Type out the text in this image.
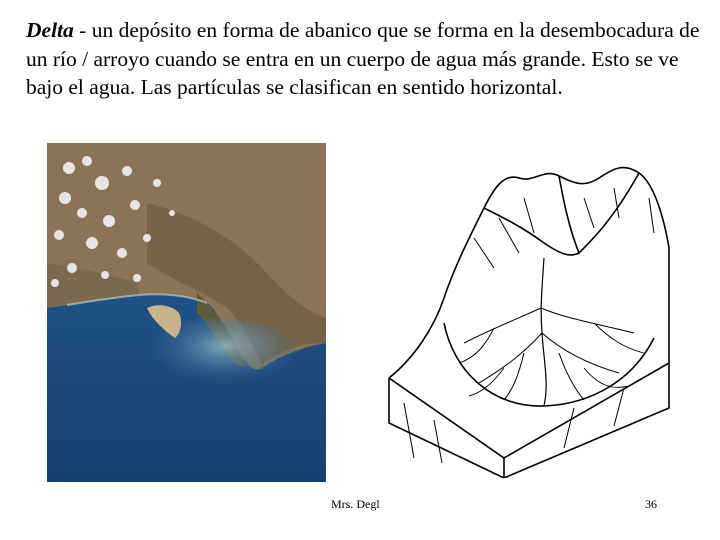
Delta - un depósito en forma de abanico que se forma en la desembocadura de un río / arroyo cuando se entra en un cuerpo de agua más grande. Esto se ve bajo el agua. Las partículas se clasifican en sentido horizontal.

Mrs. Degl	36
